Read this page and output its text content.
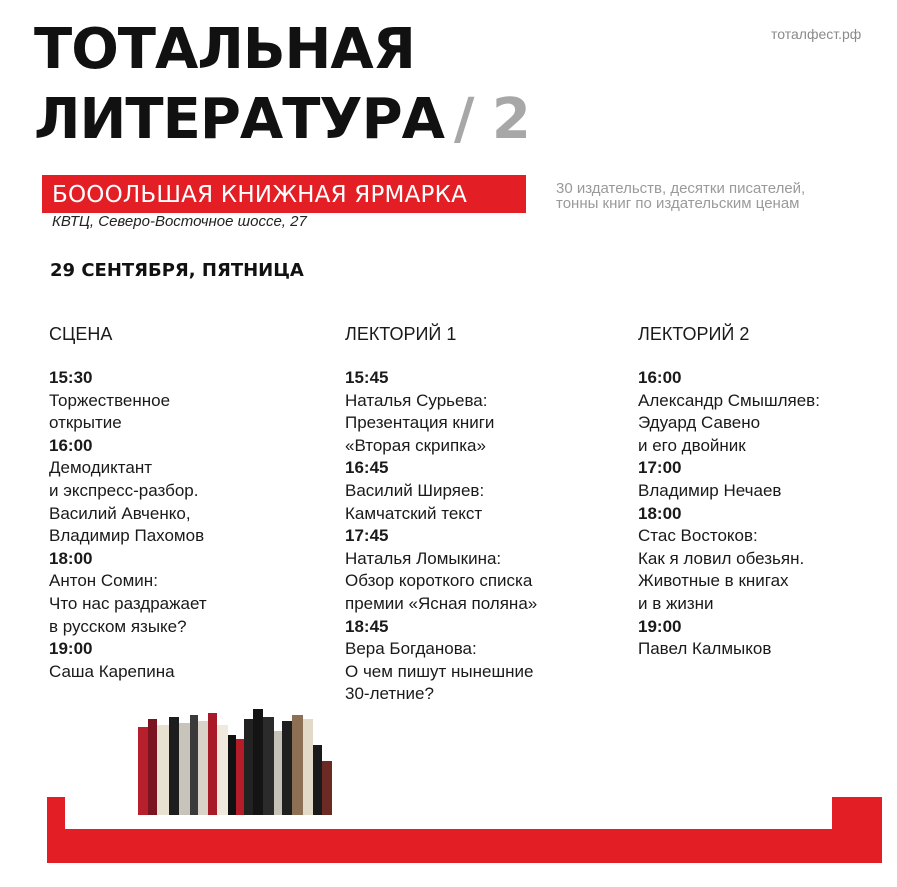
тоталфест.рф
ТОТАЛЬНАЯ
ЛИТЕРАТУРА / 2
БОООЛЬШАЯ КНИЖНАЯ ЯРМАРКА	30 издательств, десятки писателей,
тонны книг по издательским ценам
КВТЦ, Северо-Восточное шоссе, 27
29 СЕНТЯБРЯ, ПЯТНИЦА
СЦЕНА
15:30
Торжественное
открытие
16:00
Демодиктант
и экспресс-разбор.
Василий Авченко,
Владимир Пахомов
18:00
Антон Сомин:
Что нас раздражает
в русском языке?
19:00
Саша Карепина
ЛЕКТОРИЙ 1
15:45
Наталья Сурьева:
Презентация книги
«Вторая скрипка»
16:45
Василий Ширяев:
Камчатский текст
17:45
Наталья Ломыкина:
Обзор короткого списка
премии «Ясная поляна»
18:45
Вера Богданова:
О чем пишут нынешние
30-летние?
ЛЕКТОРИЙ 2
16:00
Александр Смышляев:
Эдуард Савено
и его двойник
17:00
Владимир Нечаев
18:00
Стас Востоков:
Как я ловил обезьян.
Животные в книгах
и в жизни
19:00
Павел Калмыков
